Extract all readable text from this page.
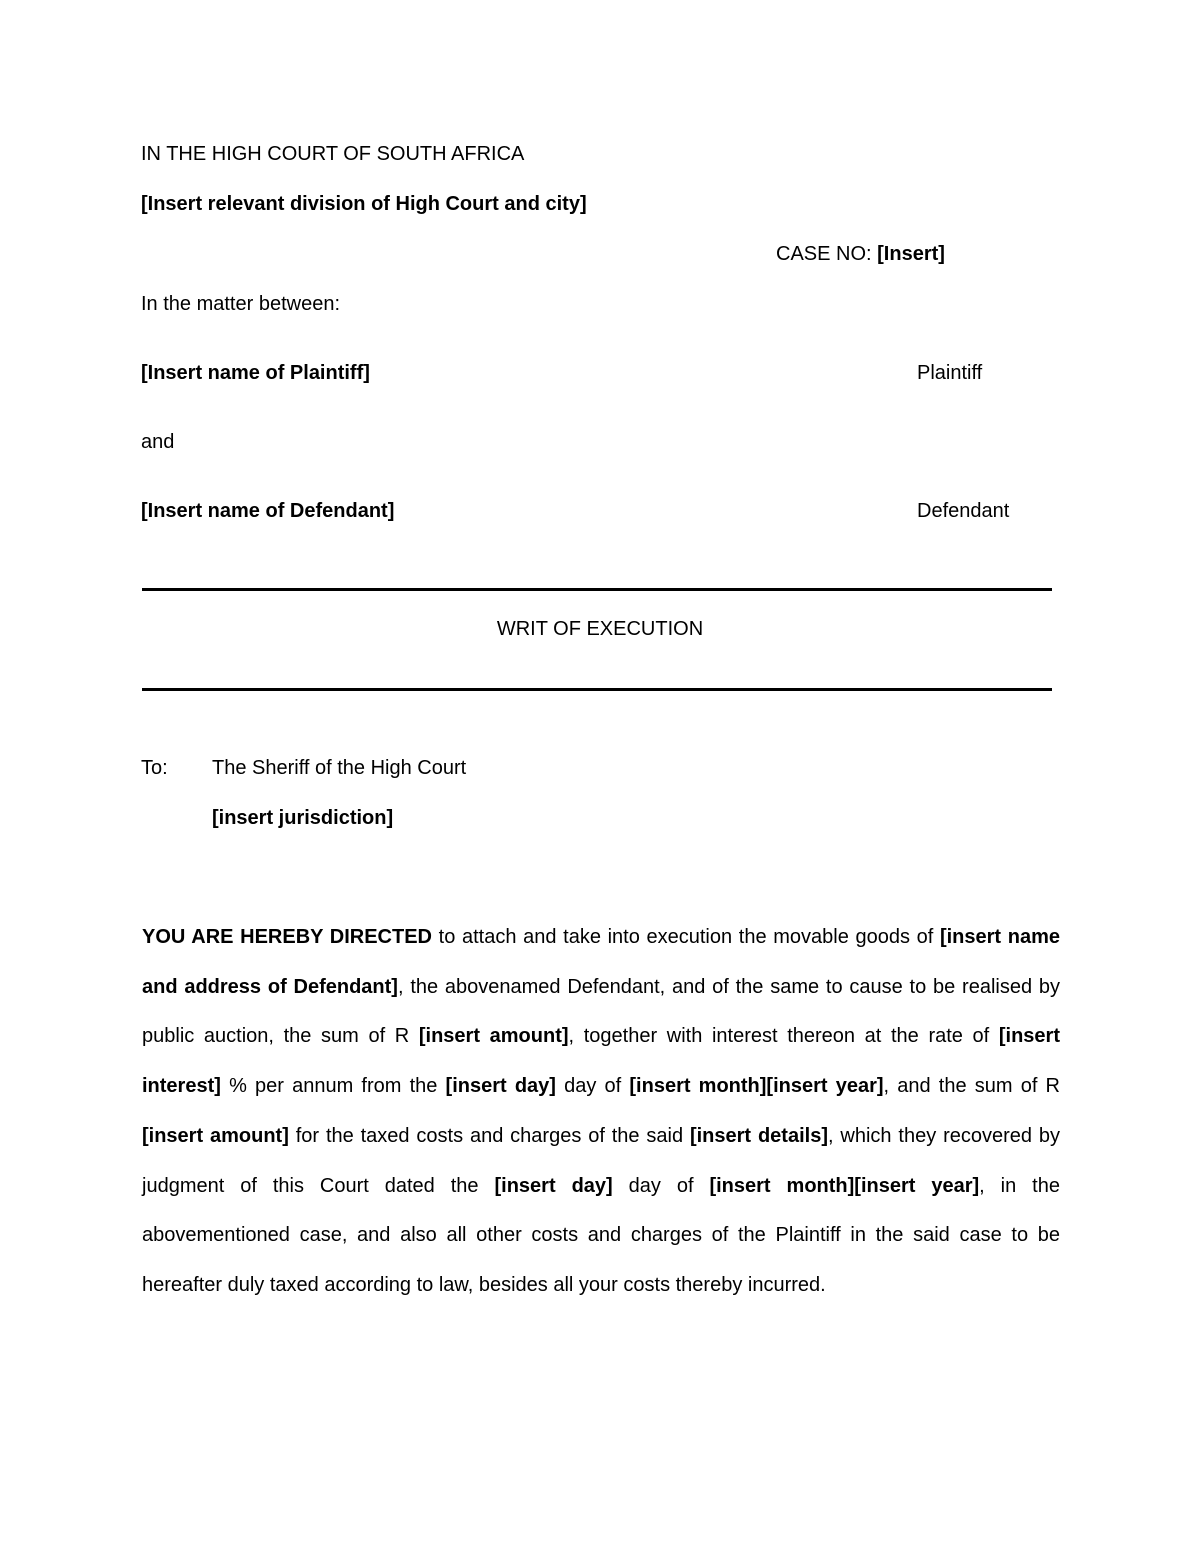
IN THE HIGH COURT OF SOUTH AFRICA
[Insert relevant division of High Court and city]
CASE NO: [Insert]
In the matter between:
[Insert name of Plaintiff]	Plaintiff
and
[Insert name of Defendant]	Defendant
WRIT OF EXECUTION
To: The Sheriff of the High Court
[insert jurisdiction]
YOU ARE HEREBY DIRECTED to attach and take into execution the movable goods of [insert name and address of Defendant], the abovenamed Defendant, and of the same to cause to be realised by public auction, the sum of R [insert amount], together with interest thereon at the rate of [insert interest] % per annum from the [insert day] day of [insert month][insert year], and the sum of R [insert amount] for the taxed costs and charges of the said [insert details], which they recovered by judgment of this Court dated the [insert day] day of [insert month][insert year], in the abovementioned case, and also all other costs and charges of the Plaintiff in the said case to be hereafter duly taxed according to law, besides all your costs thereby incurred.
